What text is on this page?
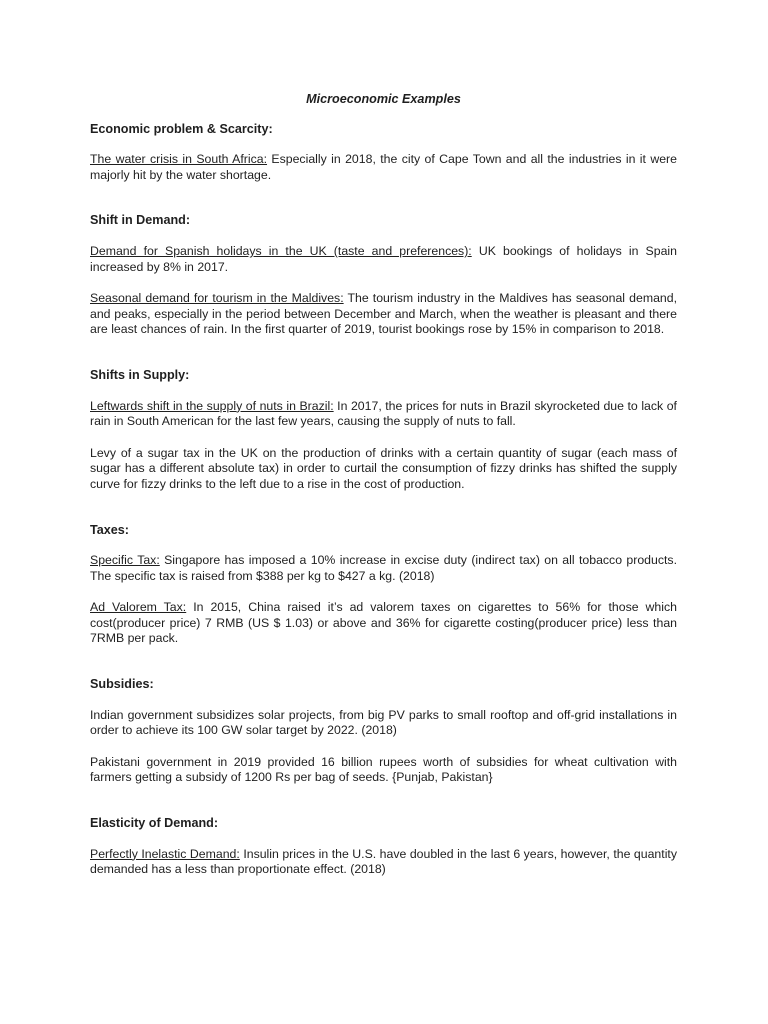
Microeconomic Examples
Economic problem & Scarcity:
The water crisis in South Africa: Especially in 2018, the city of Cape Town and all the industries in it were majorly hit by the water shortage.
Shift in Demand:
Demand for Spanish holidays in the UK (taste and preferences): UK bookings of holidays in Spain increased by 8% in 2017.
Seasonal demand for tourism in the Maldives: The tourism industry in the Maldives has seasonal demand, and peaks, especially in the period between December and March, when the weather is pleasant and there are least chances of rain. In the first quarter of 2019, tourist bookings rose by 15% in comparison to 2018.
Shifts in Supply:
Leftwards shift in the supply of nuts in Brazil: In 2017, the prices for nuts in Brazil skyrocketed due to lack of rain in South American for the last few years, causing the supply of nuts to fall.
Levy of a sugar tax in the UK on the production of drinks with a certain quantity of sugar (each mass of sugar has a different absolute tax) in order to curtail the consumption of fizzy drinks has shifted the supply curve for fizzy drinks to the left due to a rise in the cost of production.
Taxes:
Specific Tax: Singapore has imposed a 10% increase in excise duty (indirect tax) on all tobacco products. The specific tax is raised from $388 per kg to $427 a kg. (2018)
Ad Valorem Tax: In 2015, China raised it’s ad valorem taxes on cigarettes to 56% for those which cost(producer price) 7 RMB (US $ 1.03) or above and 36% for cigarette costing(producer price) less than 7RMB per pack.
Subsidies:
Indian government subsidizes solar projects, from big PV parks to small rooftop and off-grid installations in order to achieve its 100 GW solar target by 2022. (2018)
Pakistani government in 2019 provided 16 billion rupees worth of subsidies for wheat cultivation with farmers getting a subsidy of 1200 Rs per bag of seeds. {Punjab, Pakistan}
Elasticity of Demand:
Perfectly Inelastic Demand: Insulin prices in the U.S. have doubled in the last 6 years, however, the quantity demanded has a less than proportionate effect. (2018)
